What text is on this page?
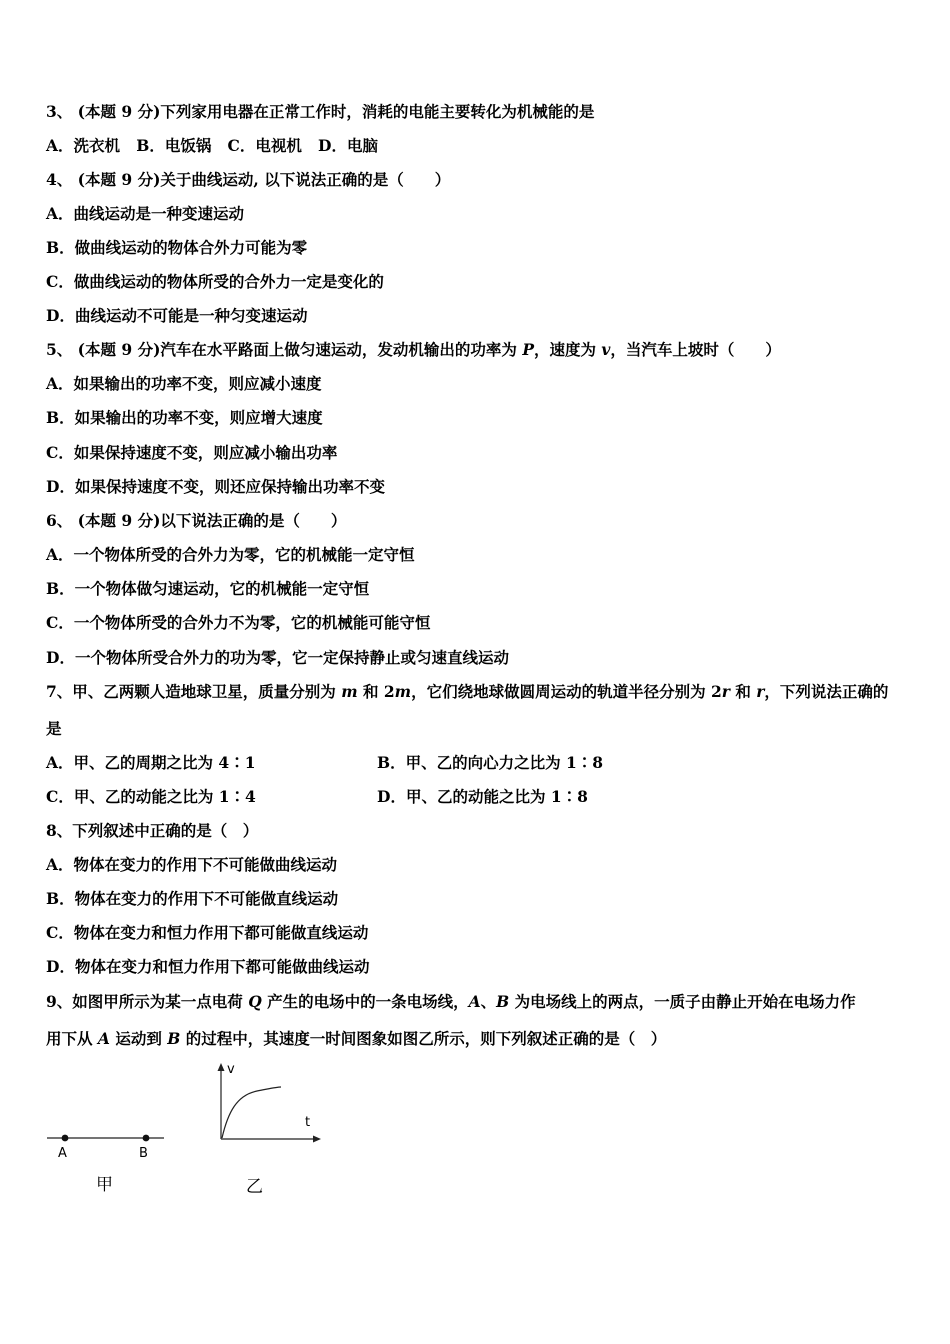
3、 (本题 9 分)下列家用电器在正常工作时，消耗的电能主要转化为机械能的是
A．洗衣机   B．电饭锅   C．电视机   D．电脑
4、 (本题 9 分)关于曲线运动, 以下说法正确的是（　　）
A．曲线运动是一种变速运动
B．做曲线运动的物体合外力可能为零
C．做曲线运动的物体所受的合外力一定是变化的
D．曲线运动不可能是一种匀变速运动
5、 (本题 9 分)汽车在水平路面上做匀速运动，发动机输出的功率为 P，速度为 v，当汽车上坡时（　　）
A．如果输出的功率不变，则应减小速度
B．如果输出的功率不变，则应增大速度
C．如果保持速度不变，则应减小输出功率
D．如果保持速度不变，则还应保持输出功率不变
6、 (本题 9 分)以下说法正确的是（　　）
A．一个物体所受的合外力为零，它的机械能一定守恒
B．一个物体做匀速运动，它的机械能一定守恒
C．一个物体所受的合外力不为零，它的机械能可能守恒
D．一个物体所受合外力的功为零，它一定保持静止或匀速直线运动
7、甲、乙两颗人造地球卫星，质量分别为 m 和 2m，它们绕地球做圆周运动的轨道半径分别为 2r 和 r，下列说法正确的
是
A．甲、乙的周期之比为 4∶1	B．甲、乙的向心力之比为 1∶8
C．甲、乙的动能之比为 1∶4	D．甲、乙的动能之比为 1∶8
8、下列叙述中正确的是（　）
A．物体在变力的作用下不可能做曲线运动
B．物体在变力的作用下不可能做直线运动
C．物体在变力和恒力作用下都可能做直线运动
D．物体在变力和恒力作用下都可能做曲线运动
9、如图甲所示为某一点电荷 Q 产生的电场中的一条电场线，A、B 为电场线上的两点，一质子由静止开始在电场力作
用下从 A 运动到 B 的过程中，其速度一时间图象如图乙所示，则下列叙述正确的是（　）
A	B
甲
v
t
乙
